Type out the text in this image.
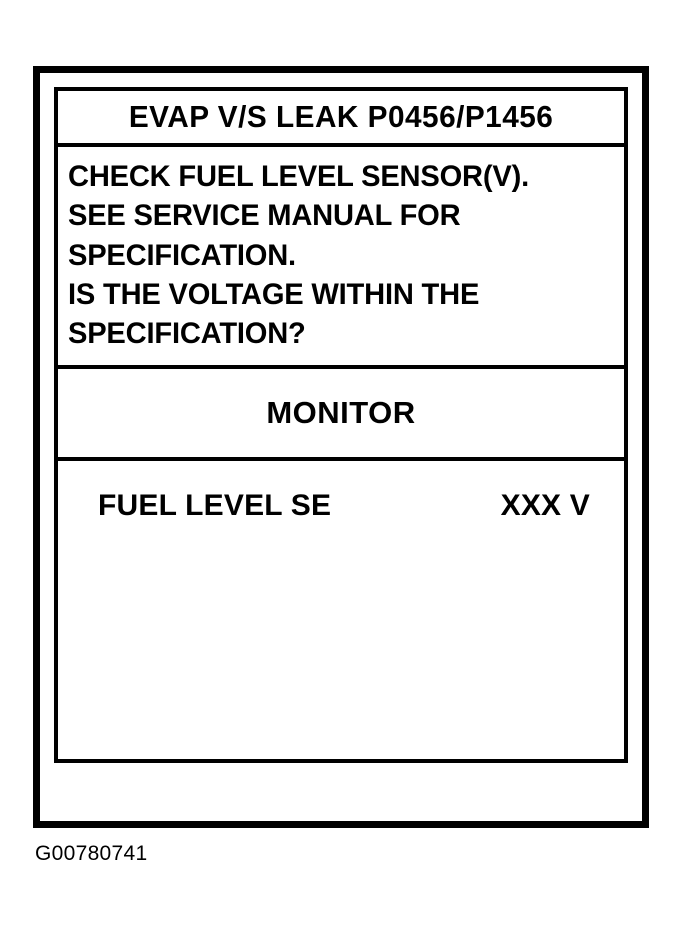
EVAP V/S LEAK P0456/P1456
CHECK FUEL LEVEL SENSOR(V).
SEE SERVICE MANUAL FOR
SPECIFICATION.
IS THE VOLTAGE WITHIN THE
SPECIFICATION?
MONITOR
FUEL LEVEL SE	XXX V
G00780741
